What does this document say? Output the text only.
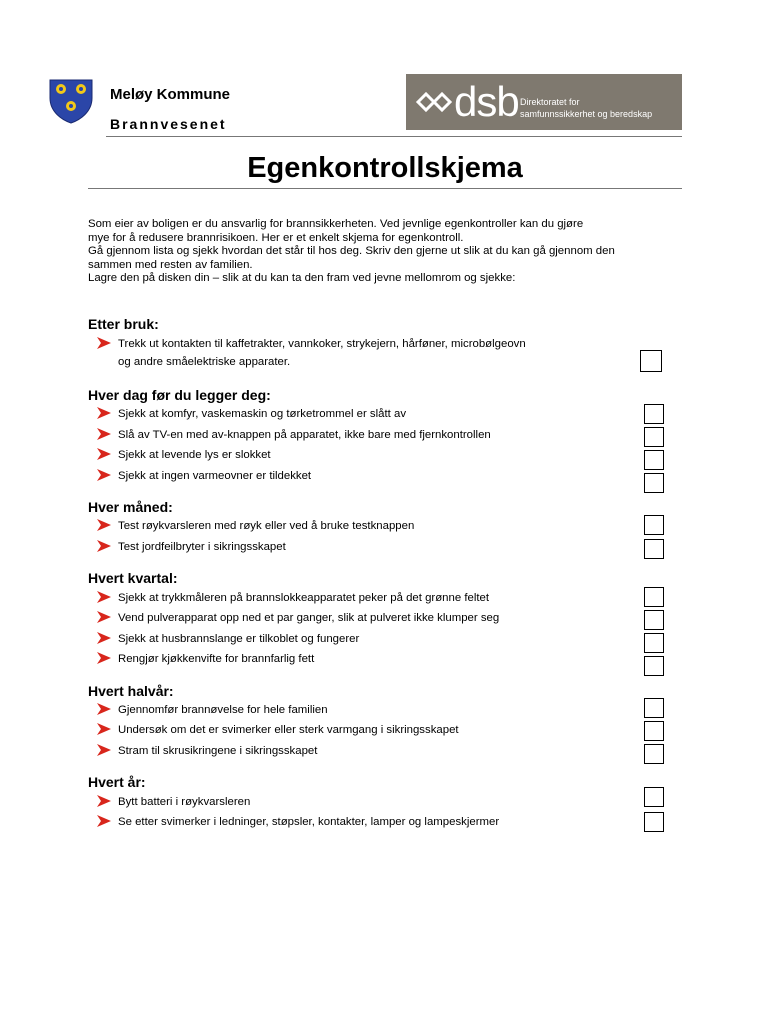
Meløy Kommune
Brannvesenet	dsb Direktoratet for
samfunnssikkerhet og beredskap
Egenkontrollskjema

Som eier av boligen er du ansvarlig for brannsikkerheten. Ved jevnlige egenkontroller kan du gjøre

mye for å redusere brannrisikoen. Her er et enkelt skjema for egenkontroll.

Gå gjennom lista og sjekk hvordan det står til hos deg. Skriv den gjerne ut slik at du kan gå gjennom den

sammen med resten av familien.

Lagre den på disken din – slik at du kan ta den fram ved jevne mellomrom og sjekke:

Etter bruk:
Trekk ut kontakten til kaffetrakter, vannkoker, strykejern, hårføner, microbølgeovn
og andre småelektriske apparater.
Hver dag før du legger deg:
Sjekk at komfyr, vaskemaskin og tørketrommel er slått av
Slå av TV-en med av-knappen på apparatet, ikke bare med fjernkontrollen
Sjekk at levende lys er slokket
Sjekk at ingen varmeovner er tildekket
Hver måned:
Test røykvarsleren med røyk eller ved å bruke testknappen
Test jordfeilbryter i sikringsskapet
Hvert kvartal:
Sjekk at trykkmåleren på brannslokkeapparatet peker på det grønne feltet
Vend pulverapparat opp ned et par ganger, slik at pulveret ikke klumper seg
Sjekk at husbrannslange er tilkoblet og fungerer
Rengjør kjøkkenvifte for brannfarlig fett
Hvert halvår:
Gjennomfør brannøvelse for hele familien
Undersøk om det er svimerker eller sterk varmgang i sikringsskapet
Stram til skrusikringene i sikringsskapet
Hvert år:
Bytt batteri i røykvarsleren
Se etter svimerker i ledninger, støpsler, kontakter, lamper og lampeskjermer
